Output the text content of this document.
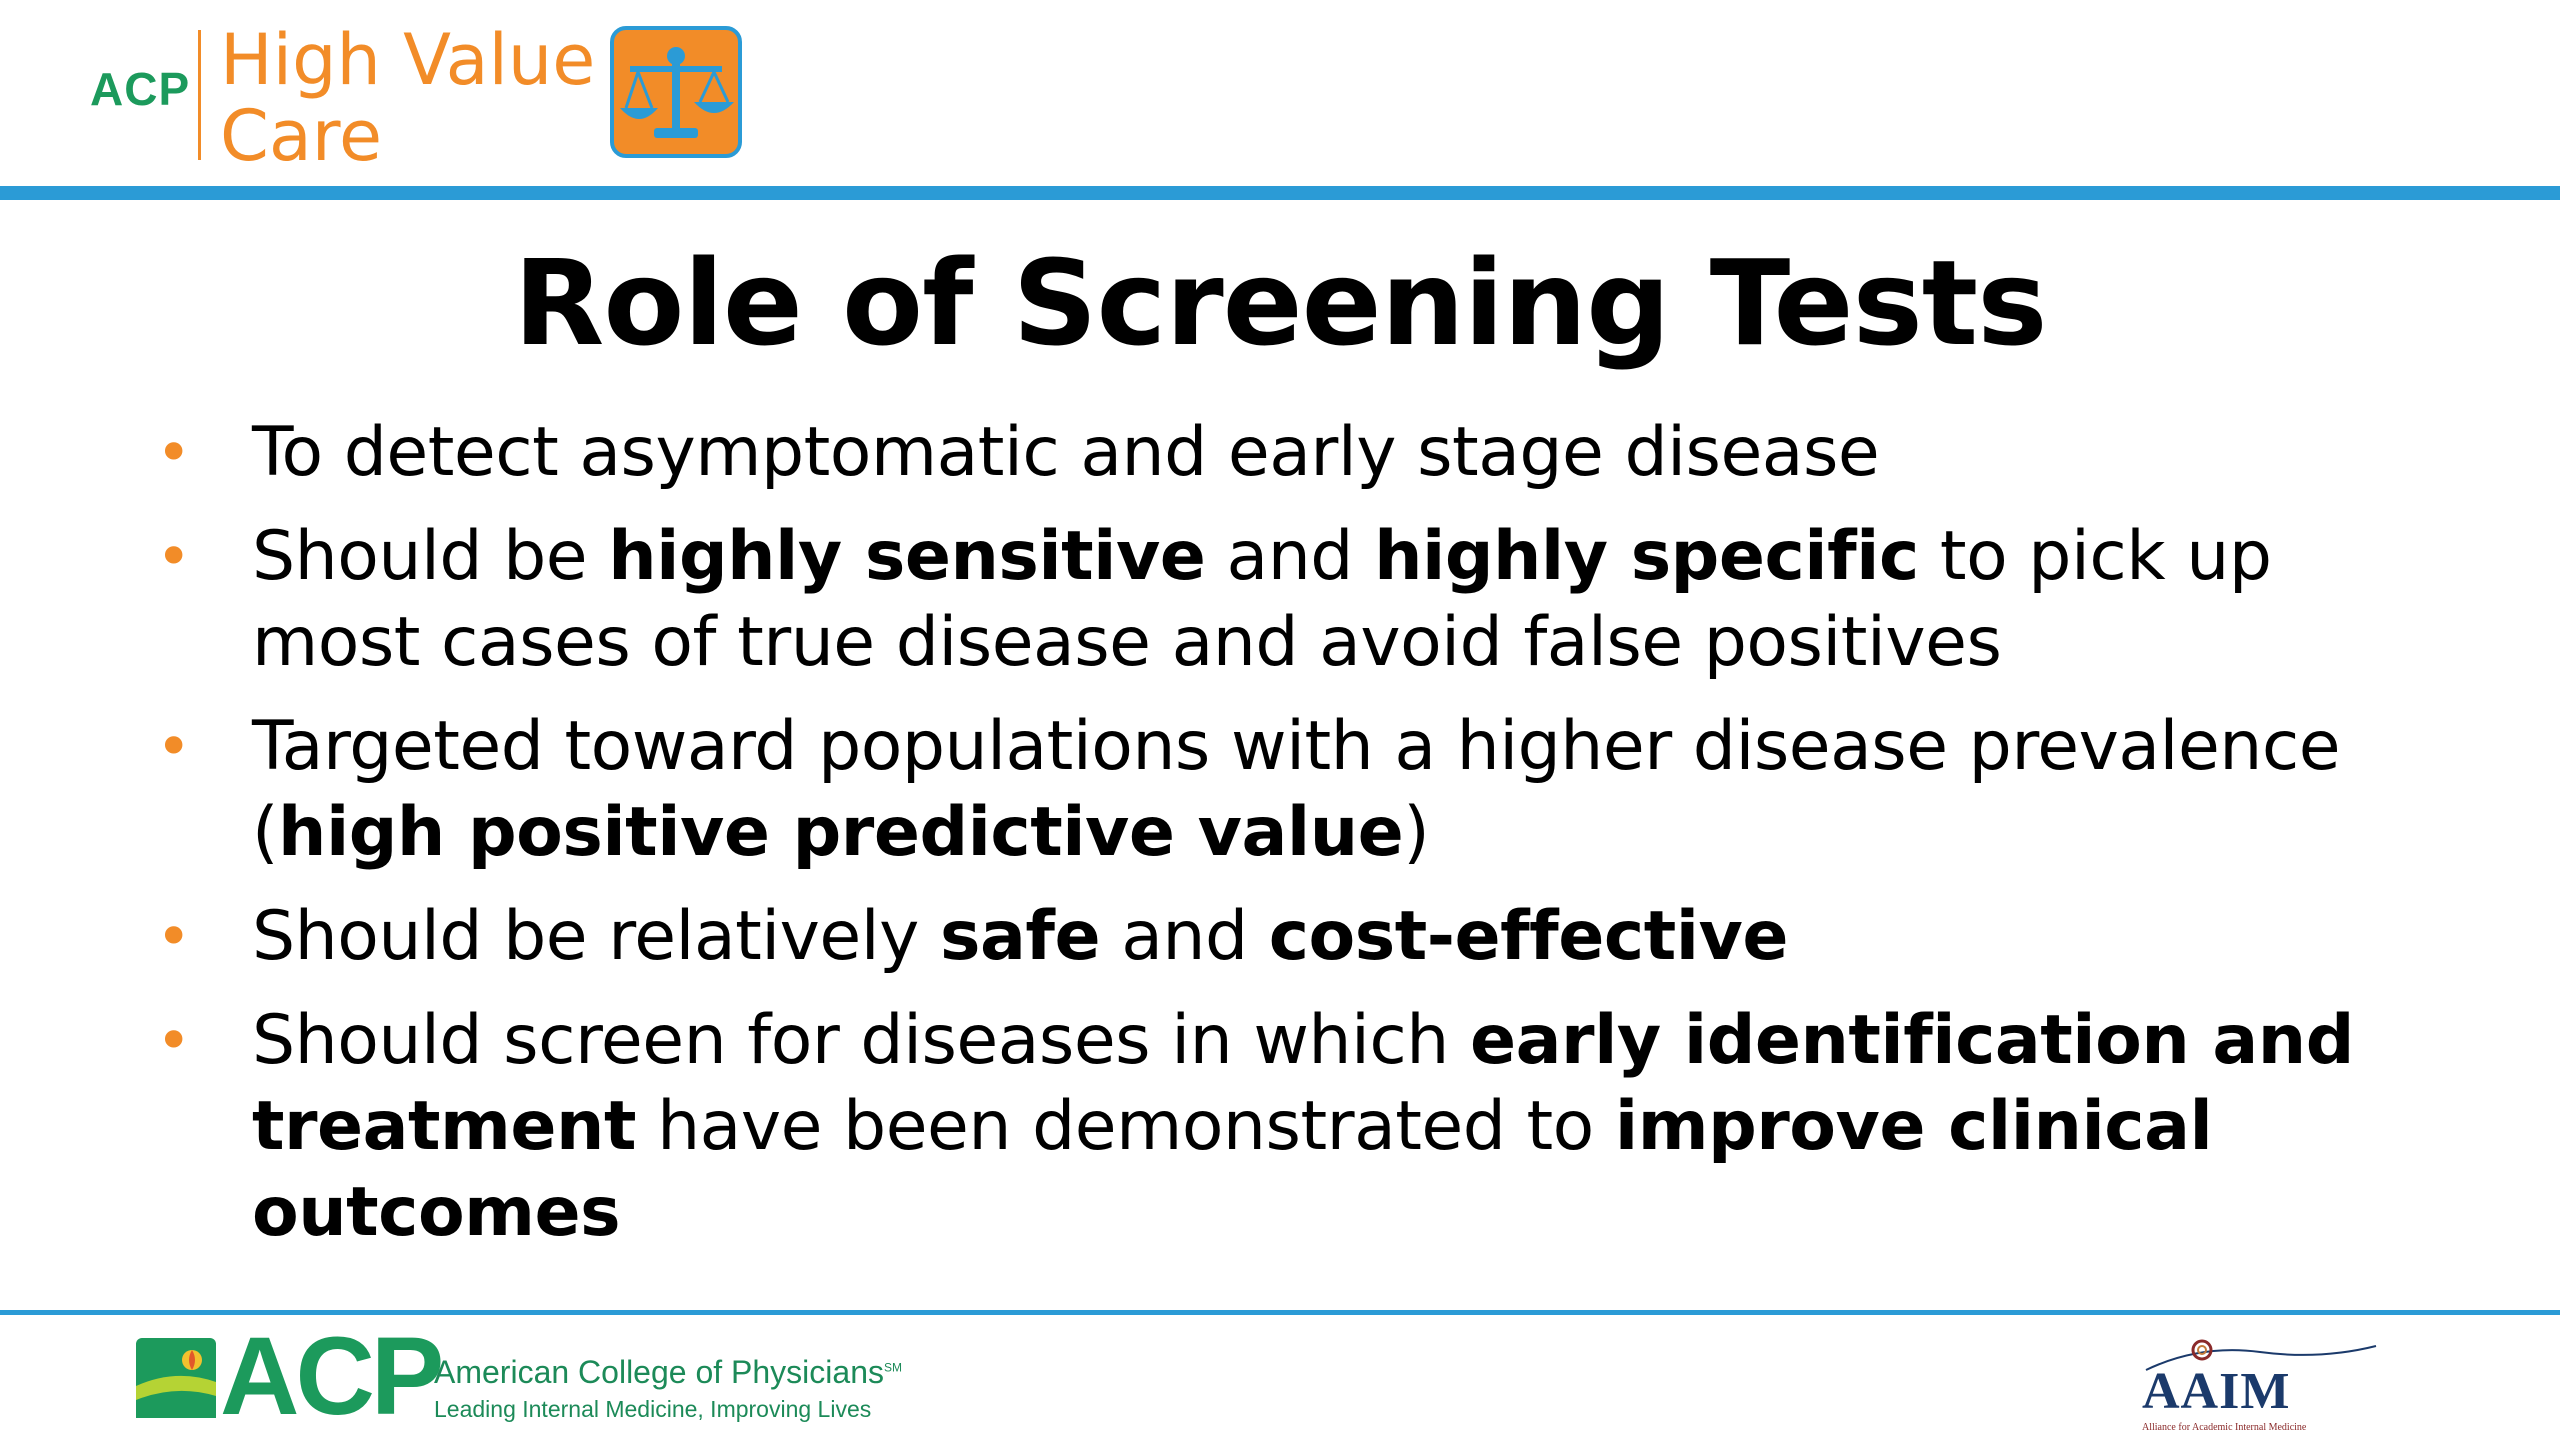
ACP High Value
Care
Role of Screening Tests
• To detect asymptomatic and early stage disease
• Should be highly sensitive and highly specific to pick up most cases of true disease and avoid false positives
• Targeted toward populations with a higher disease prevalence (high positive predictive value)
• Should be relatively safe and cost-effective
• Should screen for diseases in which early identification and treatment have been demonstrated to improve clinical outcomes
ACP
American College of Physicians℠
Leading Internal Medicine, Improving Lives	AAIM
Alliance for Academic Internal Medicine
